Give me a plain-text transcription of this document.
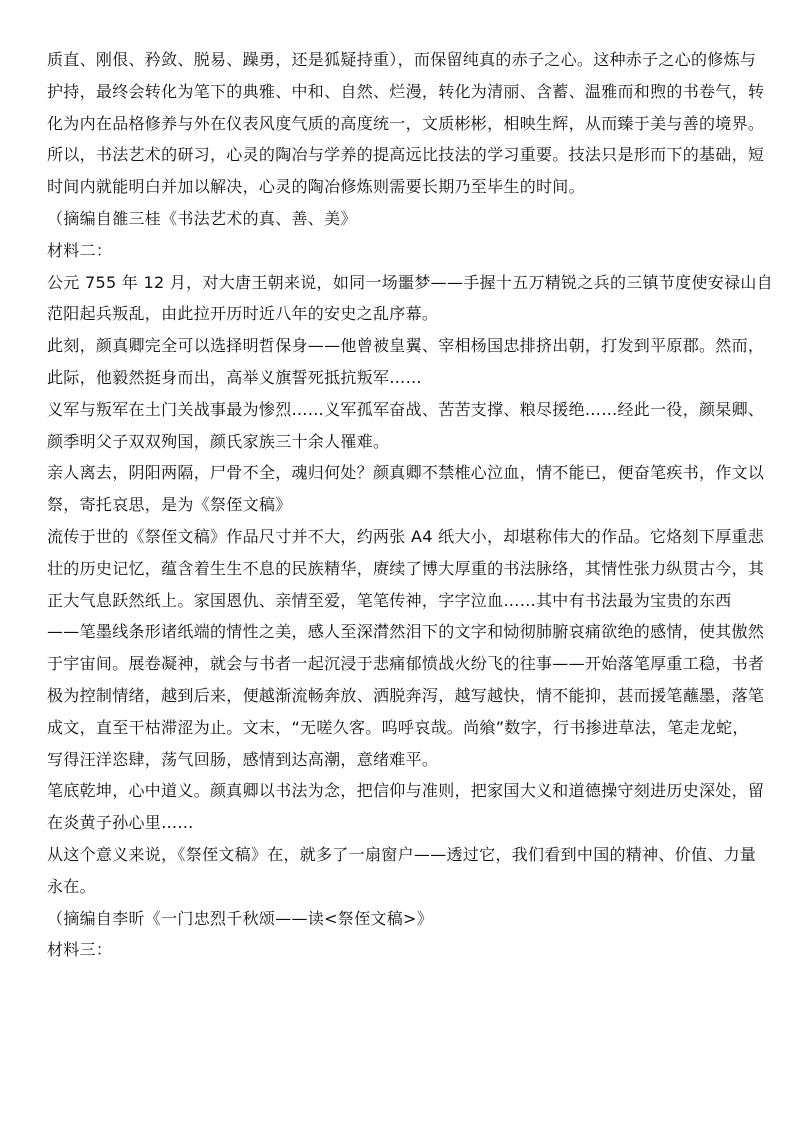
质直、刚佷、矜敛、脱易、躁勇，还是狐疑持重），而保留纯真的赤子之心。这种赤子之心的修炼与
护持，最终会转化为笔下的典雅、中和、自然、烂漫，转化为清丽、含蓄、温雅而和煦的书卷气，转
化为内在品格修养与外在仪表风度气质的高度统一，文质彬彬，相映生辉，从而臻于美与善的境界。
所以，书法艺术的研习，心灵的陶冶与学养的提高远比技法的学习重要。技法只是形而下的基础，短
时间内就能明白并加以解决，心灵的陶冶修炼则需要长期乃至毕生的时间。
（摘编自雒三桂《书法艺术的真、善、美》
材料二：
公元 755 年 12 月，对大唐王朝来说，如同一场噩梦——手握十五万精锐之兵的三镇节度使安禄山自
范阳起兵叛乱，由此拉开历时近八年的安史之乱序幕。
此刻，颜真卿完全可以选择明哲保身——他曾被皇翼、宰相杨国忠排挤出朝，打发到平原郡。然而，
此际，他毅然挺身而出，高举义旗誓死抵抗叛军……
义军与叛军在土门关战事最为惨烈……义军孤军奋战、苦苦支撑、粮尽援绝……经此一役，颜杲卿、
颜季明父子双双殉国，颜氏家族三十余人罹难。
亲人离去，阴阳两隔，尸骨不全，魂归何处？颜真卿不禁椎心泣血，情不能已，便奋笔疾书，作文以
祭，寄托哀思，是为《祭侄文稿》
流传于世的《祭侄文稿》作品尺寸并不大，约两张 A4 纸大小，却堪称伟大的作品。它烙刻下厚重悲
壮的历史记忆，蕴含着生生不息的民族精华，赓续了博大厚重的书法脉络，其情性张力纵贯古今，其
正大气息跃然纸上。家国恩仇、亲情至爱，笔笔传神，字字泣血……其中有书法最为宝贵的东西
——笔墨线条形诸纸端的情性之美，感人至深潸然泪下的文字和恸彻肺腑哀痛欲绝的感情，使其傲然
于宇宙间。展卷凝神，就会与书者一起沉浸于悲痛郁愤战火纷飞的往事——开始落笔厚重工稳，书者
极为控制情绪，越到后来，便越渐流畅奔放、洒脱奔泻，越写越快，情不能抑，甚而援笔蘸墨，落笔
成文，直至干枯滞涩为止。文末，“无嗟久客。呜呼哀哉。尚飨”数字，行书掺进草法，笔走龙蛇，
写得汪洋恣肆，荡气回肠，感情到达高潮，意绪难平。
笔底乾坤，心中道义。颜真卿以书法为念，把信仰与准则，把家国大义和道德操守刻进历史深处，留
在炎黄子孙心里……
从这个意义来说，《祭侄文稿》在，就多了一扇窗户——透过它，我们看到中国的精神、价值、力量
永在。
（摘编自李昕《一门忠烈千秋颂——读<祭侄文稿>》
材料三：
